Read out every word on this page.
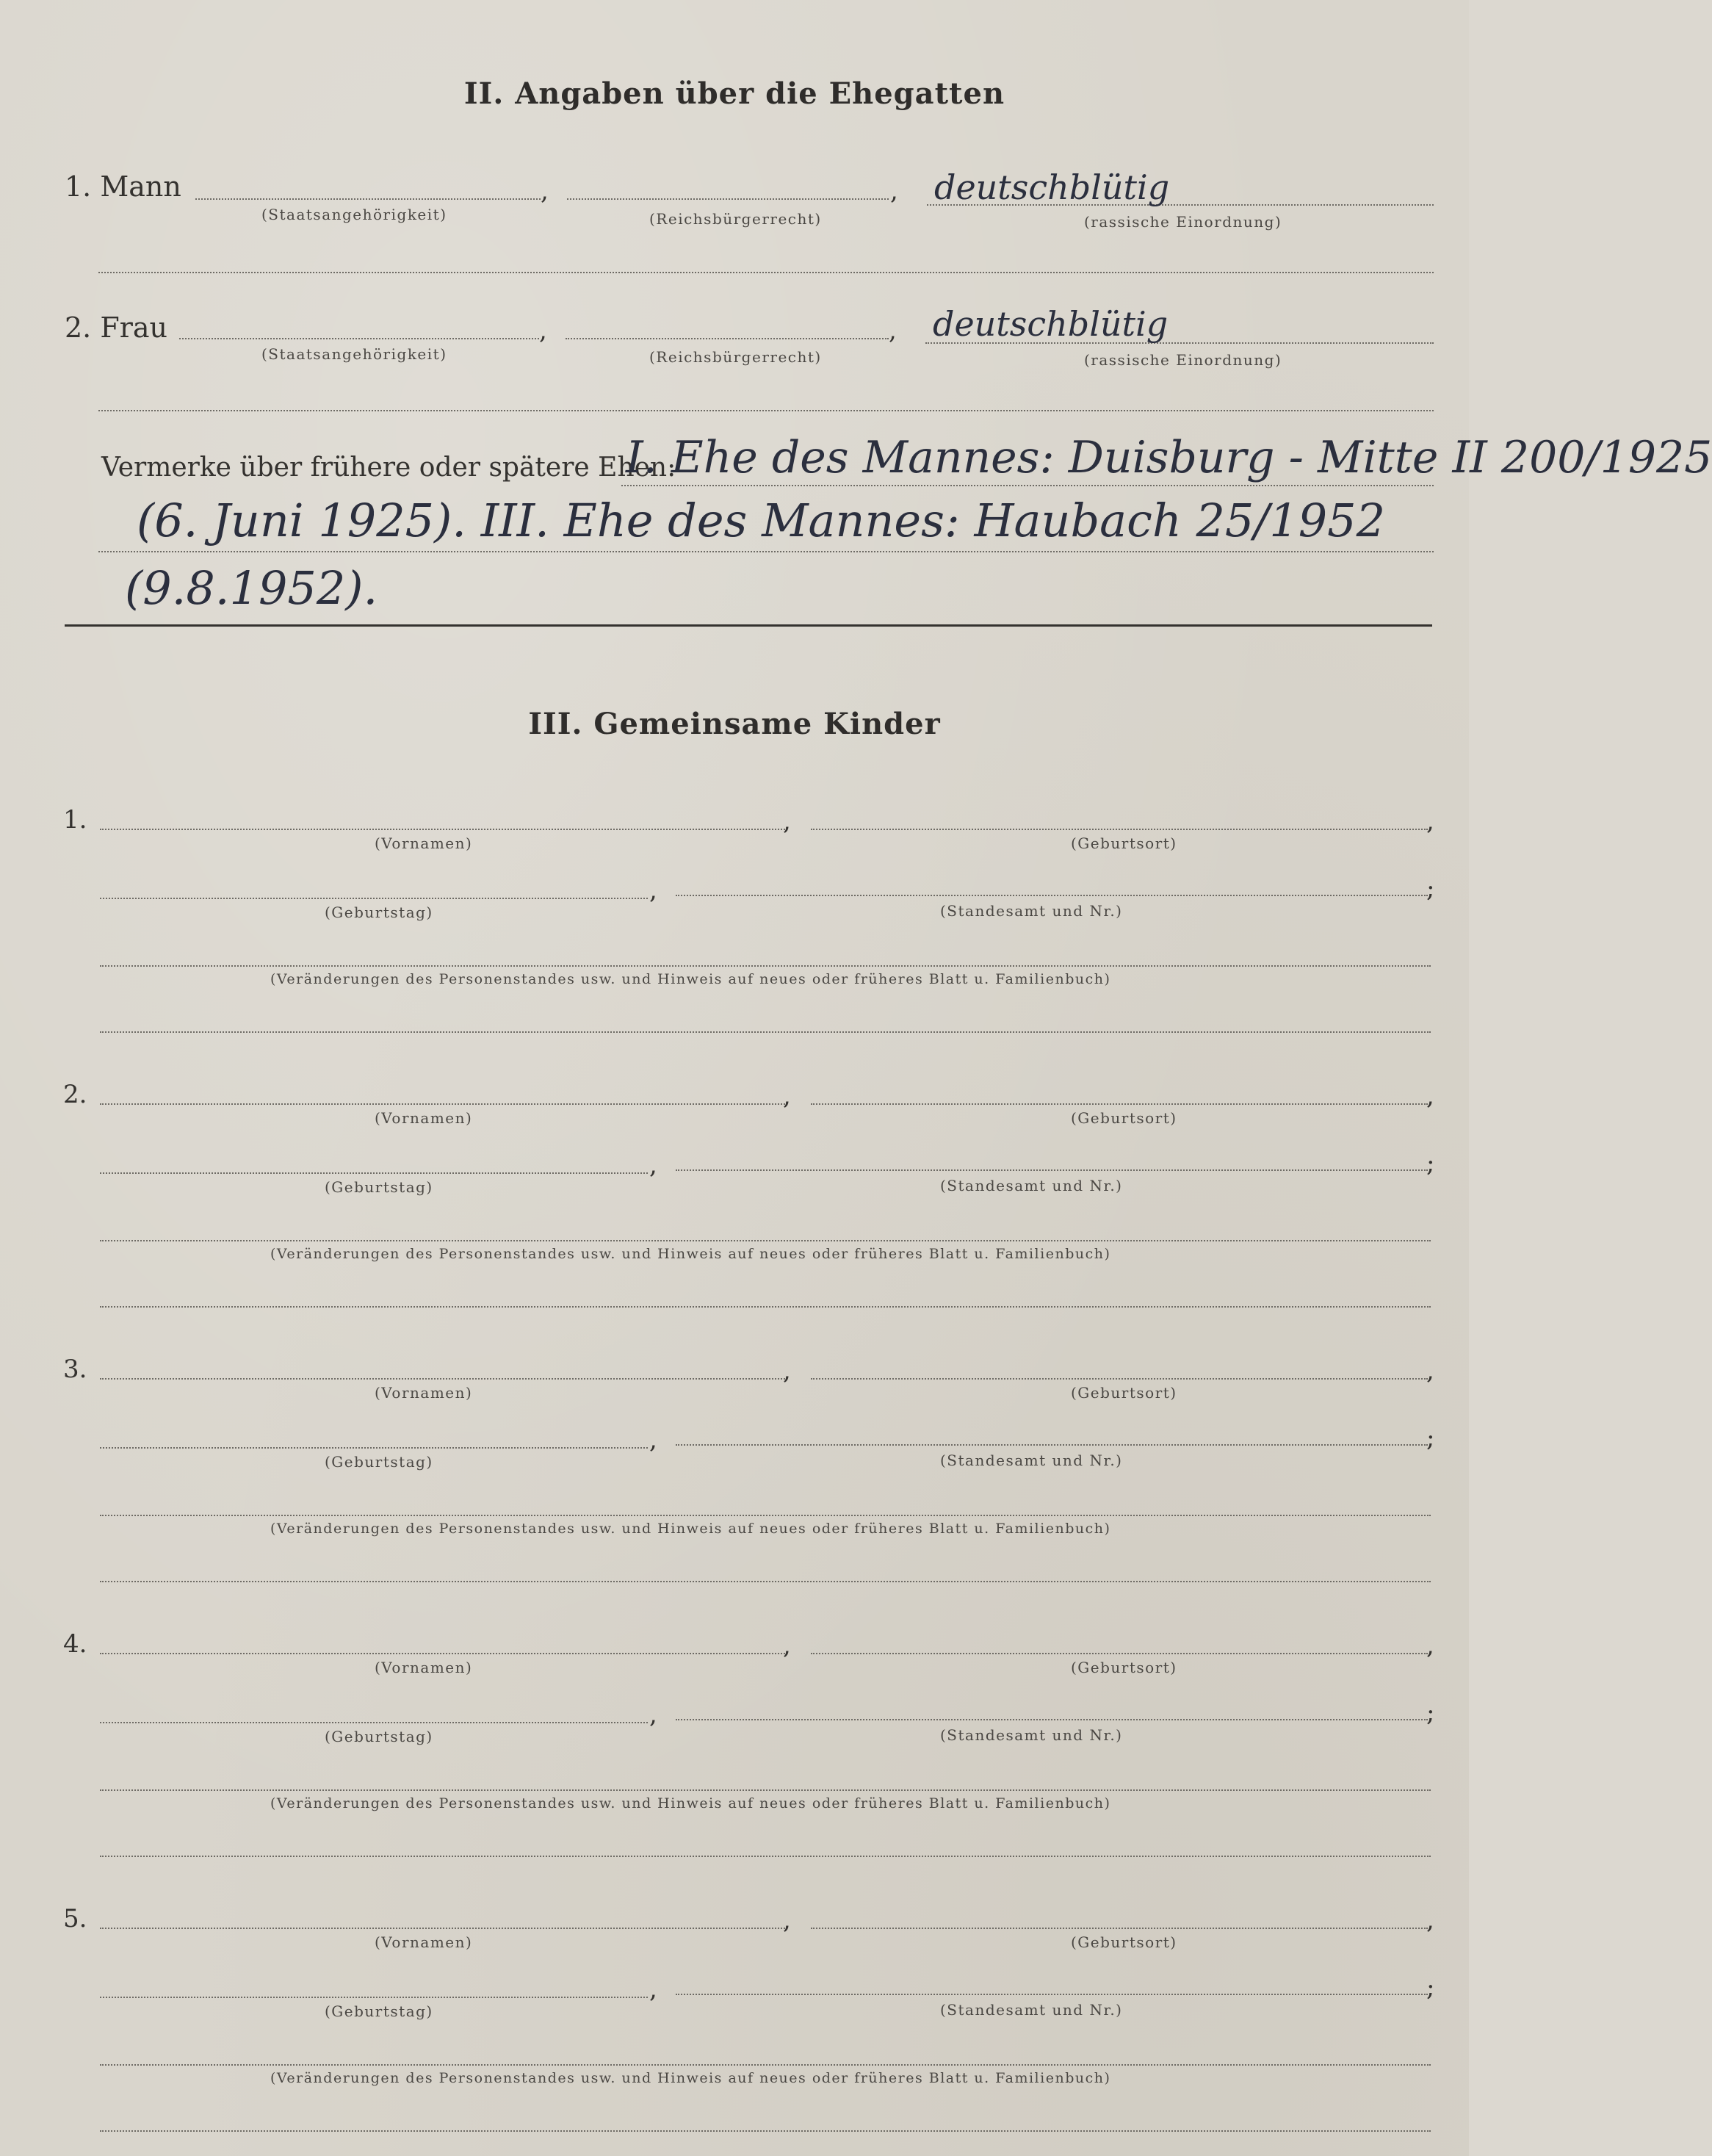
II. Angaben über die Ehegatten
1. Mann	,	, deutschblütig
(Staatsangehörigkeit)	(Reichsbürgerrecht)	(rassische Einordnung)
2. Frau	,	, deutschblütig
(Staatsangehörigkeit)	(Reichsbürgerrecht)	(rassische Einordnung)
Vermerke über frühere oder spätere Ehen:
I. Ehe des Mannes: Duisburg - Mitte II 200/1925
(6. Juni 1925). III. Ehe des Mannes: Haubach 25/1952
(9.8.1952).
III. Gemeinsame Kinder
1.	,	,
(Vornamen)	(Geburtsort)
,	;
(Geburtstag)	(Standesamt und Nr.)
(Veränderungen des Personenstandes usw. und Hinweis auf neues oder früheres Blatt u. Familienbuch)
2.	,	,
(Vornamen)	(Geburtsort)
,	;
(Geburtstag)	(Standesamt und Nr.)
(Veränderungen des Personenstandes usw. und Hinweis auf neues oder früheres Blatt u. Familienbuch)
3.	,	,
(Vornamen)	(Geburtsort)
,	;
(Geburtstag)	(Standesamt und Nr.)
(Veränderungen des Personenstandes usw. und Hinweis auf neues oder früheres Blatt u. Familienbuch)
4.	,	,
(Vornamen)	(Geburtsort)
,	;
(Geburtstag)	(Standesamt und Nr.)
(Veränderungen des Personenstandes usw. und Hinweis auf neues oder früheres Blatt u. Familienbuch)
5.	,	,
(Vornamen)	(Geburtsort)
,	;
(Geburtstag)	(Standesamt und Nr.)
(Veränderungen des Personenstandes usw. und Hinweis auf neues oder früheres Blatt u. Familienbuch)
